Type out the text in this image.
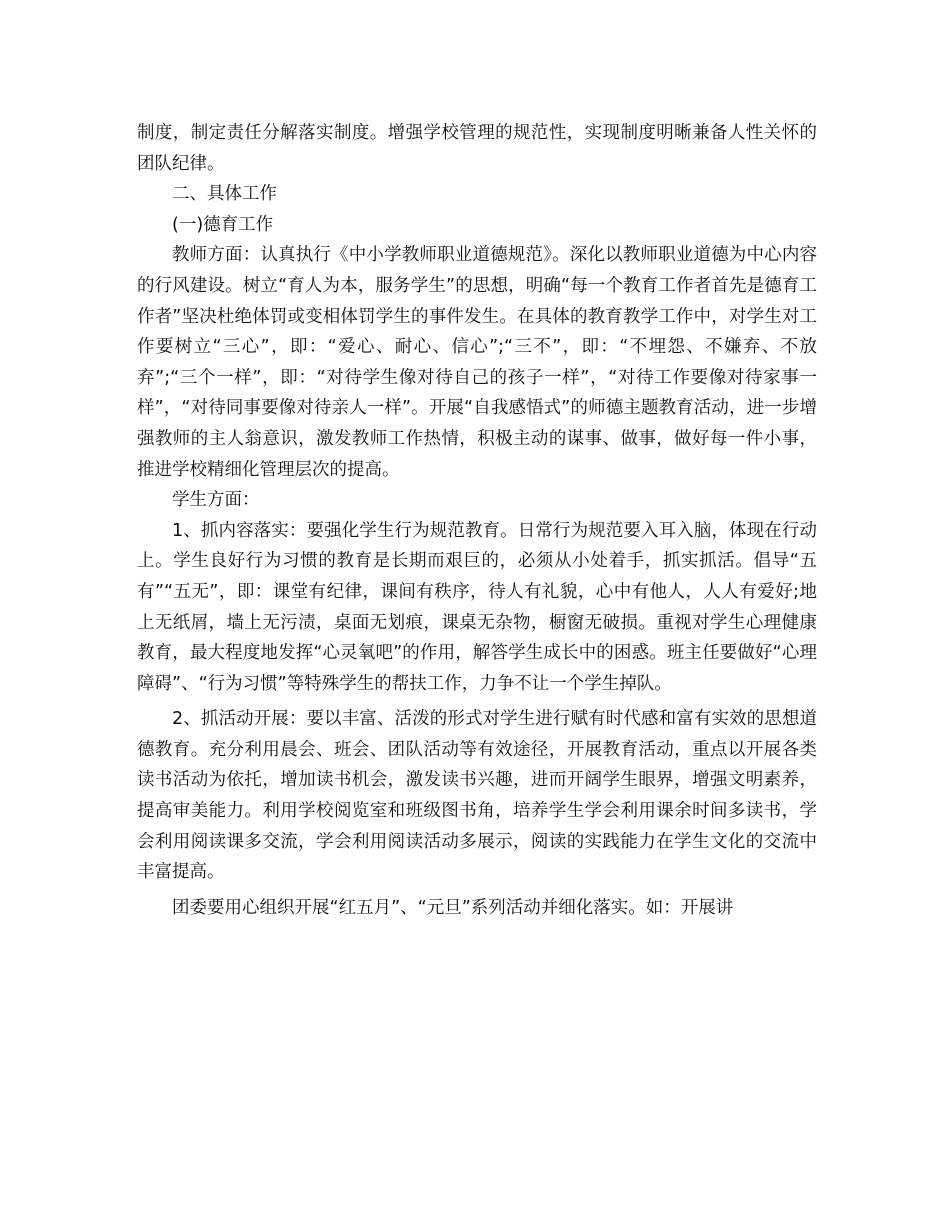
制度，制定责任分解落实制度。增强学校管理的规范性，实现制度明晰兼备人性关怀的团队纪律。

二、具体工作

(一)德育工作

教师方面：认真执行《中小学教师职业道德规范》。深化以教师职业道德为中心内容的行风建设。树立“育人为本，服务学生”的思想，明确“每一个教育工作者首先是德育工作者”坚决杜绝体罚或变相体罚学生的事件发生。在具体的教育教学工作中，对学生对工作要树立“三心”，即：“爱心、耐心、信心”;“三不”，即：“不埋怨、不嫌弃、不放弃”;“三个一样”，即：“对待学生像对待自己的孩子一样”，“对待工作要像对待家事一样”，“对待同事要像对待亲人一样”。开展“自我感悟式”的师德主题教育活动，进一步增强教师的主人翁意识，激发教师工作热情，积极主动的谋事、做事，做好每一件小事，推进学校精细化管理层次的提高。

学生方面：

1、抓内容落实：要强化学生行为规范教育。日常行为规范要入耳入脑，体现在行动上。学生良好行为习惯的教育是长期而艰巨的，必须从小处着手，抓实抓活。倡导“五有”“五无”，即：课堂有纪律，课间有秩序，待人有礼貌，心中有他人，人人有爱好;地上无纸屑，墙上无污渍，桌面无划痕，课桌无杂物，橱窗无破损。重视对学生心理健康教育，最大程度地发挥“心灵氧吧”的作用，解答学生成长中的困惑。班主任要做好“心理障碍”、“行为习惯”等特殊学生的帮扶工作，力争不让一个学生掉队。

2、抓活动开展：要以丰富、活泼的形式对学生进行赋有时代感和富有实效的思想道德教育。充分利用晨会、班会、团队活动等有效途径，开展教育活动，重点以开展各类读书活动为依托，增加读书机会，激发读书兴趣，进而开阔学生眼界，增强文明素养，提高审美能力。利用学校阅览室和班级图书角，培养学生学会利用课余时间多读书，学会利用阅读课多交流，学会利用阅读活动多展示，阅读的实践能力在学生文化的交流中丰富提高。

团委要用心组织开展“红五月”、“元旦”系列活动并细化落实。如：开展讲
